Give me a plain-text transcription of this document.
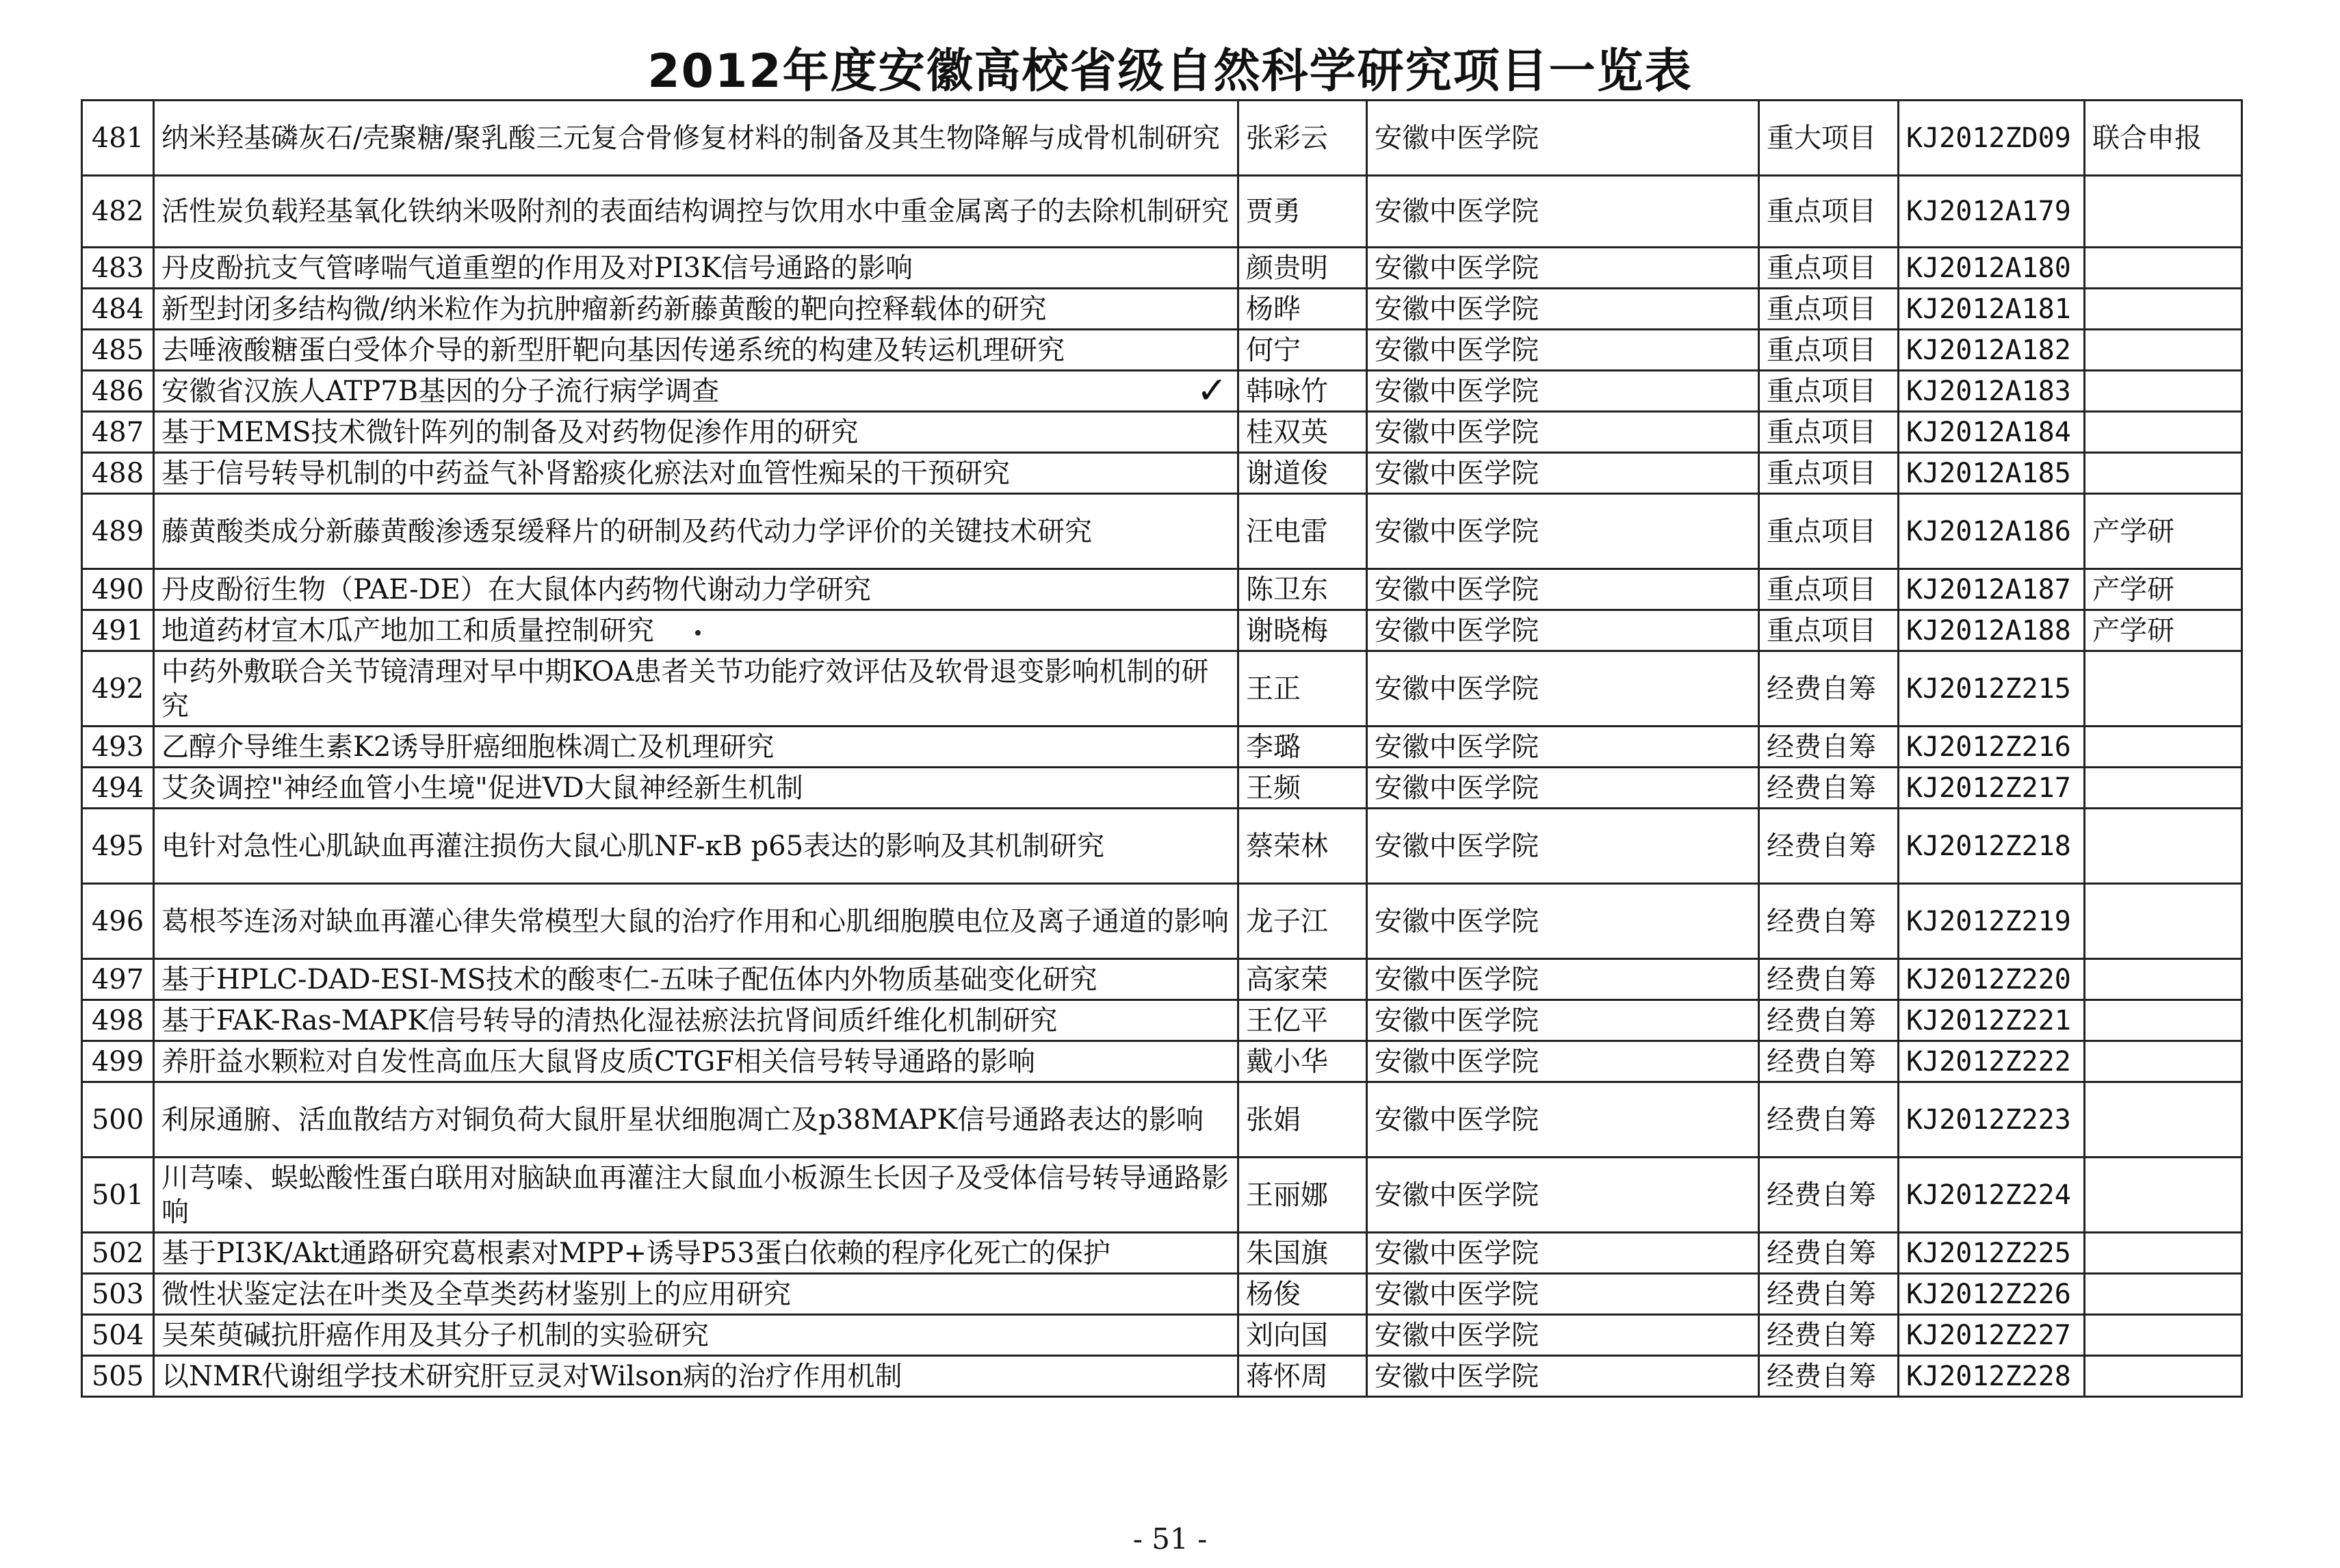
2012年度安徽高校省级自然科学研究项目一览表
481	纳米羟基磷灰石/壳聚糖/聚乳酸三元复合骨修复材料的制备及其生物降解与成骨机制研究	张彩云	安徽中医学院	重大项目	KJ2012ZD09	联合申报
482	活性炭负载羟基氧化铁纳米吸附剂的表面结构调控与饮用水中重金属离子的去除机制研究	贾勇	安徽中医学院	重点项目	KJ2012A179	
483	丹皮酚抗支气管哮喘气道重塑的作用及对PI3K信号通路的影响	颜贵明	安徽中医学院	重点项目	KJ2012A180	
484	新型封闭多结构微/纳米粒作为抗肿瘤新药新藤黄酸的靶向控释载体的研究	杨晔	安徽中医学院	重点项目	KJ2012A181	
485	去唾液酸糖蛋白受体介导的新型肝靶向基因传递系统的构建及转运机理研究	何宁	安徽中医学院	重点项目	KJ2012A182	
486	安徽省汉族人ATP7B基因的分子流行病学调查 ✓	韩咏竹	安徽中医学院	重点项目	KJ2012A183	
487	基于MEMS技术微针阵列的制备及对药物促渗作用的研究	桂双英	安徽中医学院	重点项目	KJ2012A184	
488	基于信号转导机制的中药益气补肾豁痰化瘀法对血管性痴呆的干预研究	谢道俊	安徽中医学院	重点项目	KJ2012A185	
489	藤黄酸类成分新藤黄酸渗透泵缓释片的研制及药代动力学评价的关键技术研究	汪电雷	安徽中医学院	重点项目	KJ2012A186	产学研
490	丹皮酚衍生物（PAE-DE）在大鼠体内药物代谢动力学研究	陈卫东	安徽中医学院	重点项目	KJ2012A187	产学研
491	地道药材宣木瓜产地加工和质量控制研究	谢晓梅	安徽中医学院	重点项目	KJ2012A188	产学研
492	中药外敷联合关节镜清理对早中期KOA患者关节功能疗效评估及软骨退变影响机制的研究	王正	安徽中医学院	经费自筹	KJ2012Z215	
493	乙醇介导维生素K2诱导肝癌细胞株凋亡及机理研究	李璐	安徽中医学院	经费自筹	KJ2012Z216	
494	艾灸调控"神经血管小生境"促进VD大鼠神经新生机制	王频	安徽中医学院	经费自筹	KJ2012Z217	
495	电针对急性心肌缺血再灌注损伤大鼠心肌NF-κB p65表达的影响及其机制研究	蔡荣林	安徽中医学院	经费自筹	KJ2012Z218	
496	葛根芩连汤对缺血再灌心律失常模型大鼠的治疗作用和心肌细胞膜电位及离子通道的影响	龙子江	安徽中医学院	经费自筹	KJ2012Z219	
497	基于HPLC-DAD-ESI-MS技术的酸枣仁-五味子配伍体内外物质基础变化研究	高家荣	安徽中医学院	经费自筹	KJ2012Z220	
498	基于FAK-Ras-MAPK信号转导的清热化湿祛瘀法抗肾间质纤维化机制研究	王亿平	安徽中医学院	经费自筹	KJ2012Z221	
499	养肝益水颗粒对自发性高血压大鼠肾皮质CTGF相关信号转导通路的影响	戴小华	安徽中医学院	经费自筹	KJ2012Z222	
500	利尿通腑、活血散结方对铜负荷大鼠肝星状细胞凋亡及p38MAPK信号通路表达的影响	张娟	安徽中医学院	经费自筹	KJ2012Z223	
501	川芎嗪、蜈蚣酸性蛋白联用对脑缺血再灌注大鼠血小板源生长因子及受体信号转导通路影响	王丽娜	安徽中医学院	经费自筹	KJ2012Z224	
502	基于PI3K/Akt通路研究葛根素对MPP+诱导P53蛋白依赖的程序化死亡的保护	朱国旗	安徽中医学院	经费自筹	KJ2012Z225	
503	微性状鉴定法在叶类及全草类药材鉴别上的应用研究	杨俊	安徽中医学院	经费自筹	KJ2012Z226	
504	吴茱萸碱抗肝癌作用及其分子机制的实验研究	刘向国	安徽中医学院	经费自筹	KJ2012Z227	
505	以NMR代谢组学技术研究肝豆灵对Wilson病的治疗作用机制	蒋怀周	安徽中医学院	经费自筹	KJ2012Z228	
- 51 -
